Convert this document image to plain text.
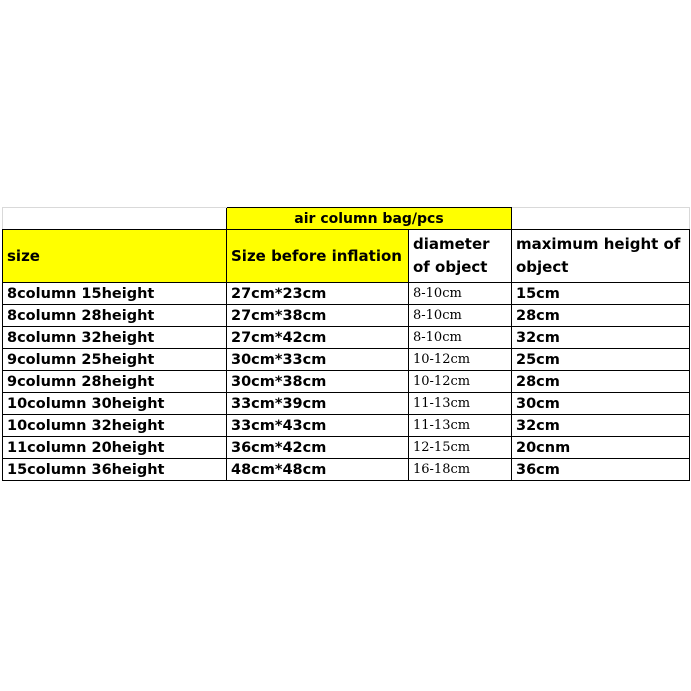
	air column bag/pcs		
size	Size before inflation	diameter of object	maximum height of object
8column 15height	27cm*23cm	8-10cm	15cm
8column 28height	27cm*38cm	8-10cm	28cm
8column 32height	27cm*42cm	8-10cm	32cm
9column 25height	30cm*33cm	10-12cm	25cm
9column 28height	30cm*38cm	10-12cm	28cm
10column 30height	33cm*39cm	11-13cm	30cm
10column 32height	33cm*43cm	11-13cm	32cm
11column 20height	36cm*42cm	12-15cm	20cnm
15column 36height	48cm*48cm	16-18cm	36cm
